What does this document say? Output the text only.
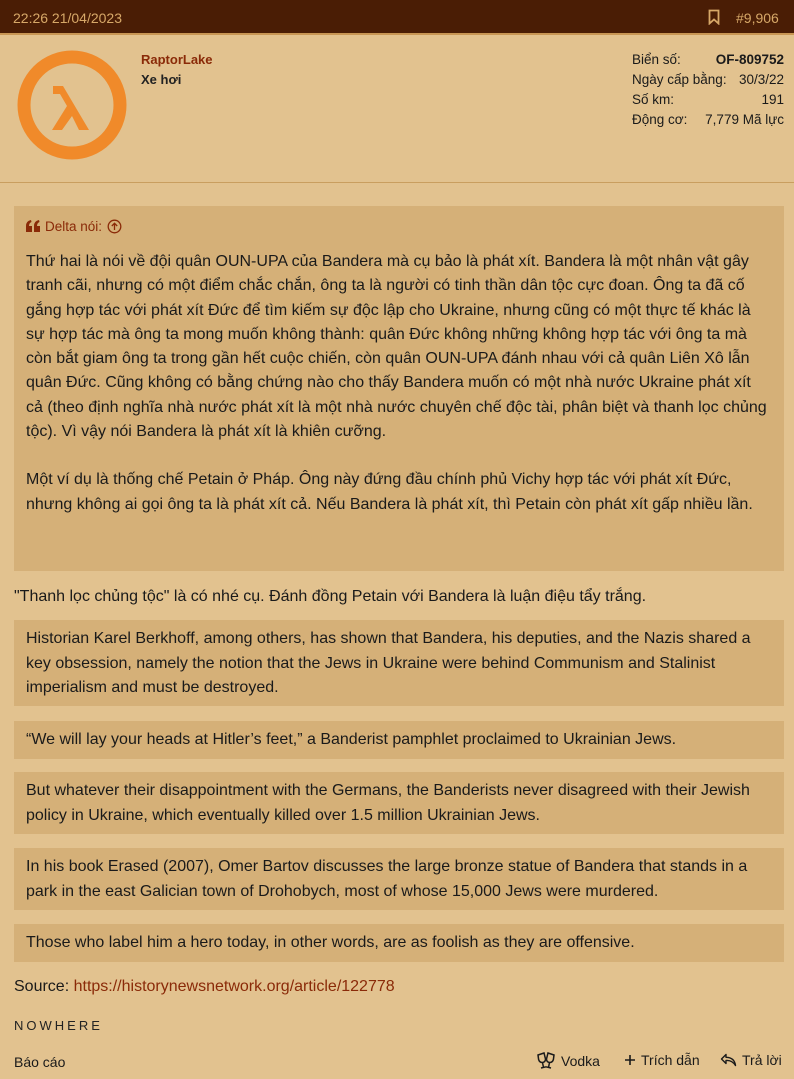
22:26 21/04/2023	#9,906
RaptorLake
Xe hơi
Biển số:	OF-809752
Ngày cấp bằng: 30/3/22
Số km:	191
Động cơ: 7,779 Mã lực
Delta nói:

Thứ hai là nói về đội quân OUN-UPA của Bandera mà cụ bảo là phát xít. Bandera là một nhân vật gây tranh cãi, nhưng có một điểm chắc chắn, ông ta là người có tinh thần dân tộc cực đoan. Ông ta đã cố gắng hợp tác với phát xít Đức để tìm kiếm sự độc lập cho Ukraine, nhưng cũng có một thực tế khác là sự hợp tác mà ông ta mong muốn không thành: quân Đức không những không hợp tác với ông ta mà còn bắt giam ông ta trong gần hết cuộc chiến, còn quân OUN-UPA đánh nhau với cả quân Liên Xô lẫn quân Đức. Cũng không có bằng chứng nào cho thấy Bandera muốn có một nhà nước Ukraine phát xít cả (theo định nghĩa nhà nước phát xít là một nhà nước chuyên chế độc tài, phân biệt và thanh lọc chủng tộc). Vì vậy nói Bandera là phát xít là khiên cưỡng.

Một ví dụ là thống chế Petain ở Pháp. Ông này đứng đầu chính phủ Vichy hợp tác với phát xít Đức, nhưng không ai gọi ông ta là phát xít cả. Nếu Bandera là phát xít, thì Petain còn phát xít gấp nhiều lần.

"Thanh lọc chủng tộc" là có nhé cụ. Đánh đồng Petain với Bandera là luận điệu tẩy trắng.
Historian Karel Berkhoff, among others, has shown that Bandera, his deputies, and the Nazis shared a key obsession, namely the notion that the Jews in Ukraine were behind Communism and Stalinist imperialism and must be destroyed.
“We will lay your heads at Hitler’s feet,” a Banderist pamphlet proclaimed to Ukrainian Jews.
But whatever their disappointment with the Germans, the Banderists never disagreed with their Jewish policy in Ukraine, which eventually killed over 1.5 million Ukrainian Jews.
In his book Erased (2007), Omer Bartov discusses the large bronze statue of Bandera that stands in a park in the east Galician town of Drohobych, most of whose 15,000 Jews were murdered.
Those who label him a hero today, in other words, are as foolish as they are offensive.
Source: https://historynewsnetwork.org/article/122778
NOWHERE
Báo cáo	Vodka	Trích dẫn	Trả lời
